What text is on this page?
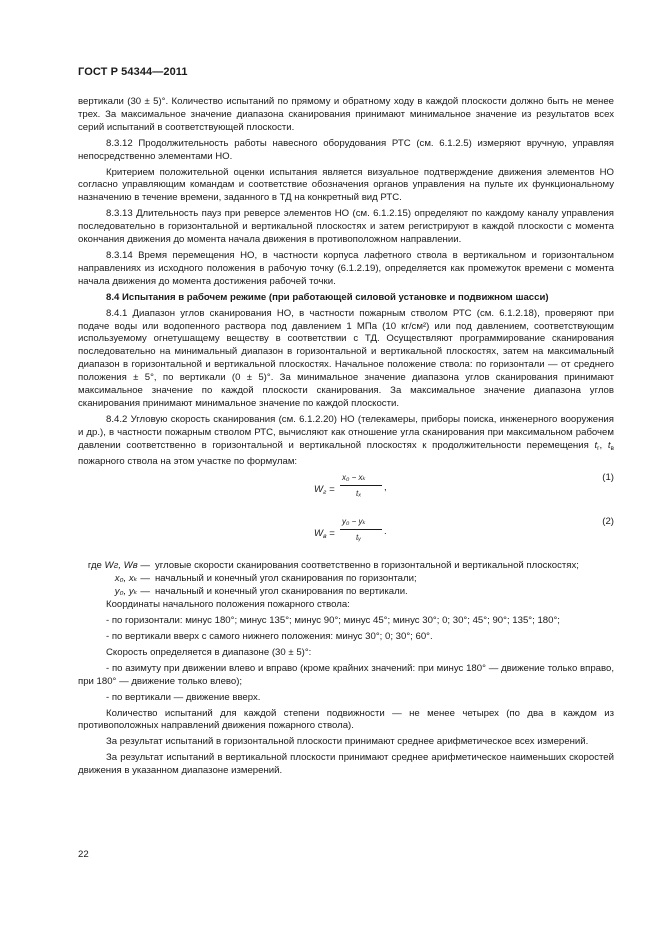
ГОСТ Р 54344—2011

вертикали (30 ± 5)°. Количество испытаний по прямому и обратному ходу в каждой плоскости должно быть не менее трех. За максимальное значение диапазона сканирования принимают минимальное значение из результатов всех серий испытаний в соответствующей плоскости.

8.3.12 Продолжительность работы навесного оборудования РТС (см. 6.1.2.5) измеряют вручную, управляя непосредственно элементами НО.

Критерием положительной оценки испытания является визуальное подтверждение движения элементов НО согласно управляющим командам и соответствие обозначения органов управления на пульте их функциональному назначению в течение времени, заданного в ТД на конкретный вид РТС.

8.3.13 Длительность пауз при реверсе элементов НО (см. 6.1.2.15) определяют по каждому каналу управления последовательно в горизонтальной и вертикальной плоскостях и затем регистрируют в каждой плоскости с момента окончания движения до момента начала движения в противоположном направлении.

8.3.14 Время перемещения НО, в частности корпуса лафетного ствола в вертикальном и горизонтальном направлениях из исходного положения в рабочую точку (6.1.2.19), определяется как промежуток времени с момента начала движения до момента достижения рабочей точки.

8.4 Испытания в рабочем режиме (при работающей силовой установке и подвижном шасси)

8.4.1 Диапазон углов сканирования НО, в частности пожарным стволом РТС (см. 6.1.2.18), проверяют при подаче воды или водопенного раствора под давлением 1 МПа (10 кг/см²) или под давлением, соответствующим используемому огнетушащему веществу в соответствии с ТД. Осуществляют программирование сканирования последовательно на минимальный диапазон в горизонтальной и вертикальной плоскостях, затем на максимальный диапазон в горизонтальной и вертикальной плоскостях. Начальное положение ствола: по горизонтали — от среднего положения ± 5°, по вертикали (0 ± 5)°. За минимальное значение диапазона углов сканирования принимают максимальное значение по каждой плоскости сканирования. За максимальное значение диапазона углов сканирования принимают минимальное значение по каждой плоскости.

8.4.2 Угловую скорость сканирования (см. 6.1.2.20) НО (телекамеры, приборы поиска, инженерного вооружения и др.), в частности пожарным стволом РТС, вычисляют как отношение угла сканирования при максимальном рабочем давлении соответственно в горизонтальной и вертикальной плоскостях к продолжительности перемещения $t_г$, $t_в$ пожарного ствола на этом участке по формулам:

$W_г$ =
x₀ − xₖ
tₓ
,
(1)
$W_в$ =
y₀ − yₖ
tᵧ
.
(2)
где Wг, Wв — угловые скорости сканирования соответственно в горизонтальной и вертикальной плоскостях;
x₀, xₖ — начальный и конечный угол сканирования по горизонтали;
y₀, yₖ — начальный и конечный угол сканирования по вертикали.

Координаты начального положения пожарного ствола:

- по горизонтали: минус 180°; минус 135°; минус 90°; минус 45°; минус 30°; 0; 30°; 45°; 90°; 135°; 180°;

- по вертикали вверх с самого нижнего положения: минус 30°; 0; 30°; 60°.

Скорость определяется в диапазоне (30 ± 5)°:

- по азимуту при движении влево и вправо (кроме крайних значений: при минус 180° — движение только вправо, при 180° — движение только влево);

- по вертикали — движение вверх.

Количество испытаний для каждой степени подвижности — не менее четырех (по два в каждом из противоположных направлений движения пожарного ствола).

За результат испытаний в горизонтальной плоскости принимают среднее арифметическое всех измерений.

За результат испытаний в вертикальной плоскости принимают среднее арифметическое наименьших скоростей движения в указанном диапазоне измерений.

22
